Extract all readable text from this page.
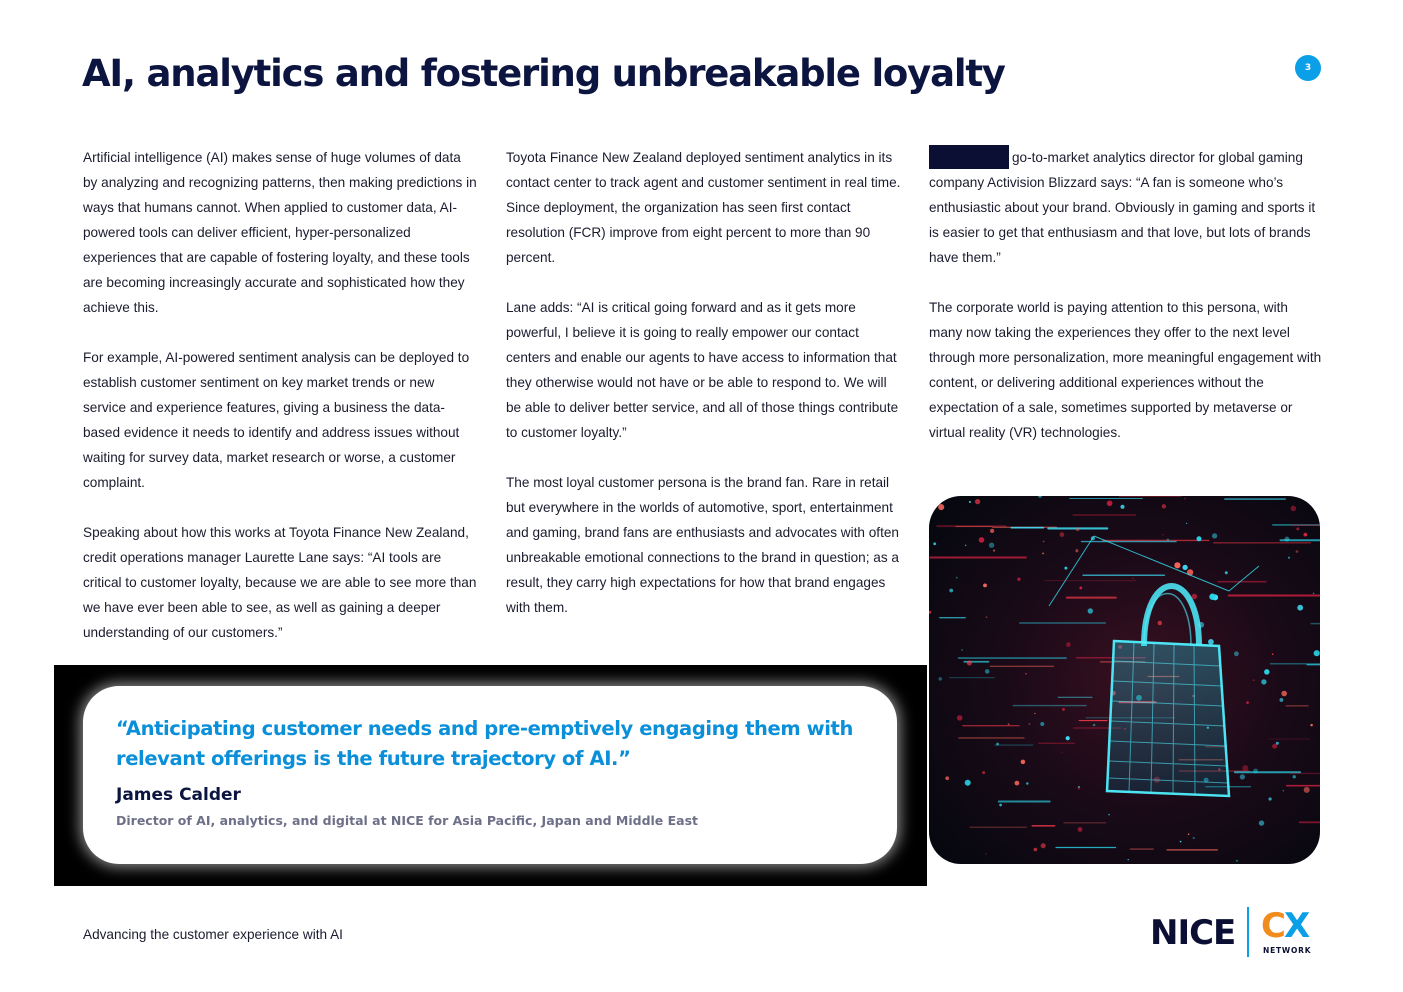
AI, analytics and fostering unbreakable loyalty	3

Artificial intelligence (AI) makes sense of huge volumes of data by analyzing and recognizing patterns, then making predictions in ways that humans cannot. When applied to customer data, AI-powered tools can deliver efficient, hyper-personalized experiences that are capable of fostering loyalty, and these tools are becoming increasingly accurate and sophisticated how they achieve this.

For example, AI-powered sentiment analysis can be deployed to establish customer sentiment on key market trends or new service and experience features, giving a business the data-based evidence it needs to identify and address issues without waiting for survey data, market research or worse, a customer complaint.

Speaking about how this works at Toyota Finance New Zealand, credit operations manager Laurette Lane says: “AI tools are critical to customer loyalty, because we are able to see more than we have ever been able to see, as well as gaining a deeper understanding of our customers.”

Toyota Finance New Zealand deployed sentiment analytics in its contact center to track agent and customer sentiment in real time. Since deployment, the organization has seen first contact resolution (FCR) improve from eight percent to more than 90 percent.

Lane adds: “AI is critical going forward and as it gets more powerful, I believe it is going to really empower our contact centers and enable our agents to have access to information that they otherwise would not have or be able to respond to. We will be able to deliver better service, and all of those things contribute to customer loyalty.”

The most loyal customer persona is the brand fan. Rare in retail but everywhere in the worlds of automotive, sport, entertainment and gaming, brand fans are enthusiasts and advocates with often unbreakable emotional connections to the brand in question; as a result, they carry high expectations for how that brand engages with them.

go-to-market analytics director for global gaming company Activision Blizzard says: “A fan is someone who’s enthusiastic about your brand. Obviously in gaming and sports it is easier to get that enthusiasm and that love, but lots of brands have them.”

The corporate world is paying attention to this persona, with many now taking the experiences they offer to the next level through more personalization, more meaningful engagement with content, or delivering additional experiences without the expectation of a sale, sometimes supported by metaverse or virtual reality (VR) technologies.

“Anticipating customer needs and pre-emptively engaging them with relevant offerings is the future trajectory of AI.”

James Calder
Director of AI, analytics, and digital at NICE for Asia Pacific, Japan and Middle East
Advancing the customer experience with AI	NICE CX
NETWORK
